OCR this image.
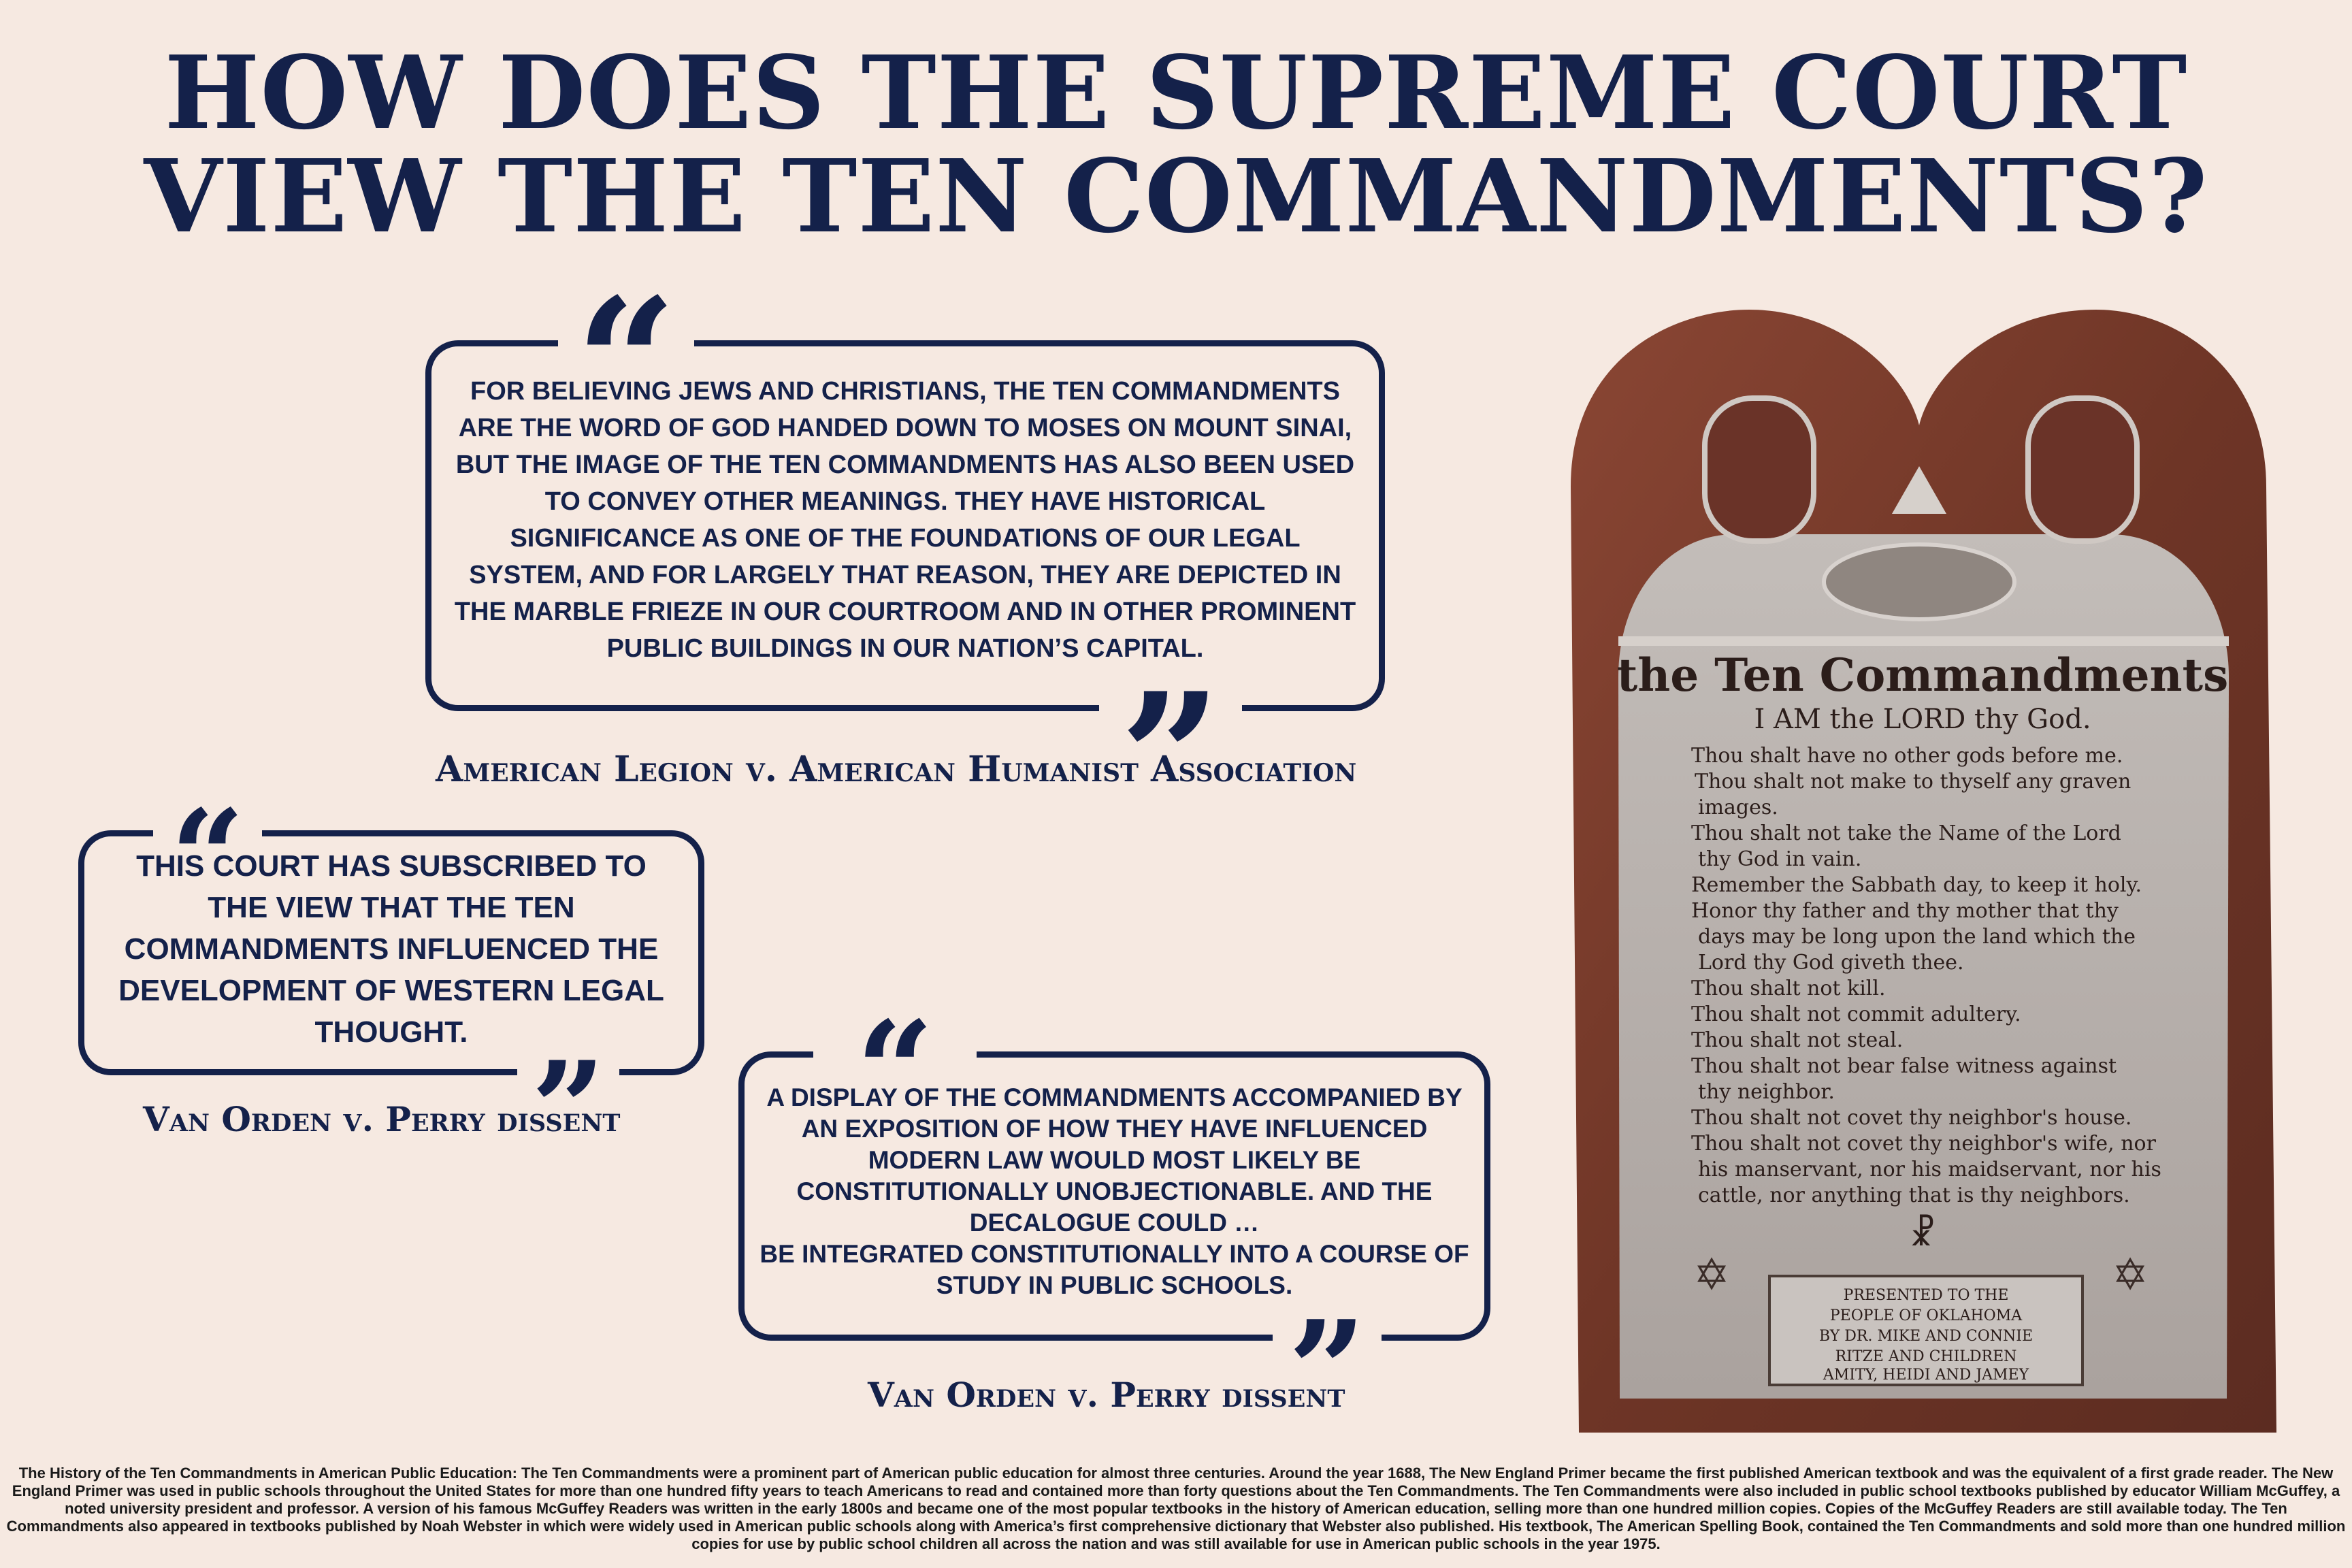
HOW DOES THE SUPREME COURT
VIEW THE TEN COMMANDMENTS?
“

FOR BELIEVING JEWS AND CHRISTIANS, THE TEN COMMANDMENTS ARE THE WORD OF GOD HANDED DOWN TO MOSES ON MOUNT SINAI, BUT THE IMAGE OF THE TEN COMMANDMENTS HAS ALSO BEEN USED TO CONVEY OTHER MEANINGS. THEY HAVE HISTORICAL SIGNIFICANCE AS ONE OF THE FOUNDATIONS OF OUR LEGAL SYSTEM, AND FOR LARGELY THAT REASON, THEY ARE DEPICTED IN THE MARBLE FRIEZE IN OUR COURTROOM AND IN OTHER PROMINENT PUBLIC BUILDINGS IN OUR NATION’S CAPITAL.

”

American Legion v. American Humanist Association

“

THIS COURT HAS SUBSCRIBED TO THE VIEW THAT THE TEN COMMANDMENTS INFLUENCED THE DEVELOPMENT OF WESTERN LEGAL THOUGHT.

”

Van Orden v. Perry dissent	“
A DISPLAY OF THE COMMANDMENTS ACCOMPANIED BY AN EXPOSITION OF HOW THEY HAVE INFLUENCED MODERN LAW WOULD MOST LIKELY BE CONSTITUTIONALLY UNOBJECTIONABLE. AND THE DECALOGUE COULD …
BE INTEGRATED CONSTITUTIONALLY INTO A COURSE OF STUDY IN PUBLIC SCHOOLS.
”

Van Orden v. Perry dissent

the Ten Commandments
I AM the LORD thy God.
Thou shalt have no other gods before me.
Thou shalt not make to thyself any graven
images.
Thou shalt not take the Name of the Lord
thy God in vain.
Remember the Sabbath day, to keep it holy.
Honor thy father and thy mother that thy
days may be long upon the land which the
Lord thy God giveth thee.
Thou shalt not kill.
Thou shalt not commit adultery.
Thou shalt not steal.
Thou shalt not bear false witness against
thy neighbor.
Thou shalt not covet thy neighbor's house.
Thou shalt not covet thy neighbor's wife, nor
his manservant, nor his maidservant, nor his
cattle, nor anything that is thy neighbors.
☧
✡	✡
PRESENTED TO THE
PEOPLE OF OKLAHOMA
BY DR. MIKE AND CONNIE
RITZE AND CHILDREN
AMITY, HEIDI AND JAMEY

The History of the Ten Commandments in American Public Education: The Ten Commandments were a prominent part of American public education for almost three centuries. Around the year 1688, The New England Primer became the first published American textbook and was the equivalent of a first grade reader. The New England Primer was used in public schools throughout the United States for more than one hundred fifty years to teach Americans to read and contained more than forty questions about the Ten Commandments. The Ten Commandments were also included in public school textbooks published by educator William McGuffey, a noted university president and professor. A version of his famous McGuffey Readers was written in the early 1800s and became one of the most popular textbooks in the history of American education, selling more than one hundred million copies. Copies of the McGuffey Readers are still available today. The Ten Commandments also appeared in textbooks published by Noah Webster in which were widely used in American public schools along with America’s first comprehensive dictionary that Webster also published. His textbook, The American Spelling Book, contained the Ten Commandments and sold more than one hundred million copies for use by public school children all across the nation and was still available for use in American public schools in the year 1975.
